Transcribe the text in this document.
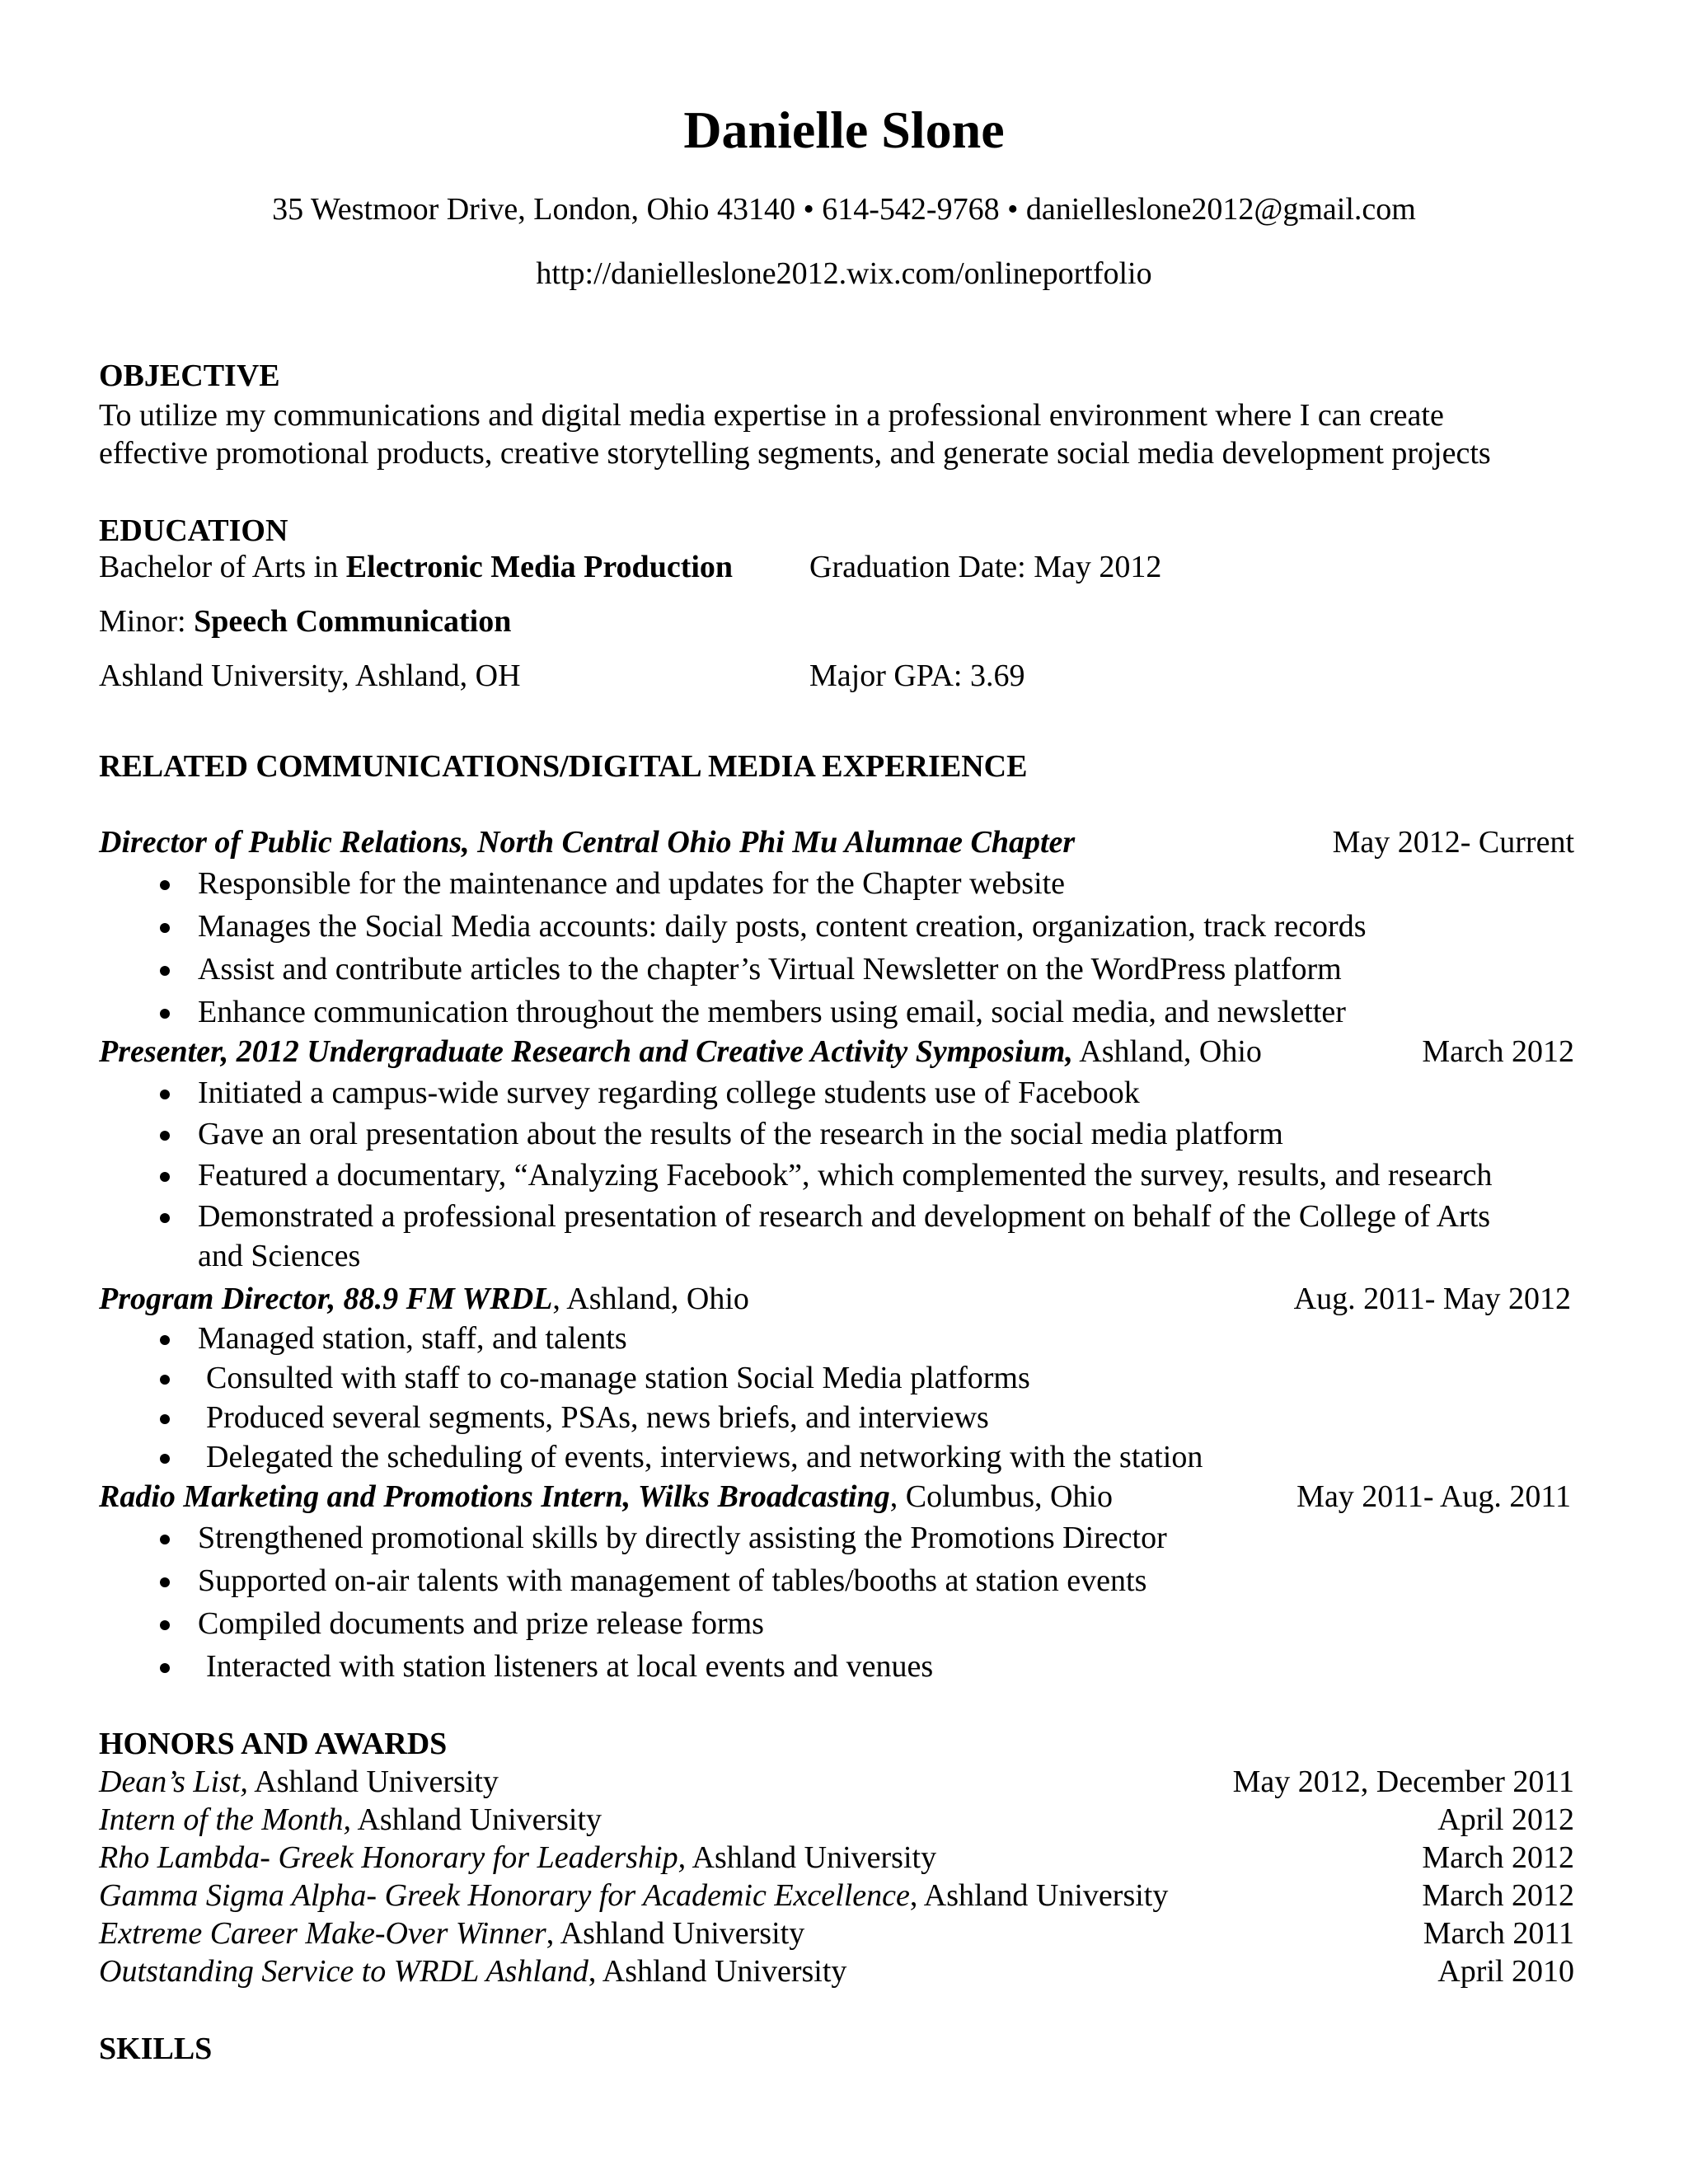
Danielle Slone
35 Westmoor Drive, London, Ohio 43140 • 614-542-9768 • danielleslone2012@gmail.com
http://danielleslone2012.wix.com/onlineportfolio
OBJECTIVE
To utilize my communications and digital media expertise in a professional environment where I can create
effective promotional products, creative storytelling segments, and generate social media development projects
EDUCATION
Bachelor of Arts in Electronic Media Production Graduation Date: May 2012
Minor: Speech Communication
Ashland University, Ashland, OH	Major GPA: 3.69
RELATED COMMUNICATIONS/DIGITAL MEDIA EXPERIENCE
Director of Public Relations, North Central Ohio Phi Mu Alumnae Chapter	May 2012- Current
Responsible for the maintenance and updates for the Chapter website
Manages the Social Media accounts: daily posts, content creation, organization, track records
Assist and contribute articles to the chapter’s Virtual Newsletter on the WordPress platform
Enhance communication throughout the members using email, social media, and newsletter
Presenter, 2012 Undergraduate Research and Creative Activity Symposium, Ashland, Ohio	March 2012
Initiated a campus-wide survey regarding college students use of Facebook
Gave an oral presentation about the results of the research in the social media platform
Featured a documentary, “Analyzing Facebook”, which complemented the survey, results, and research
Demonstrated a professional presentation of research and development on behalf of the College of Arts
and Sciences
Program Director, 88.9 FM WRDL, Ashland, Ohio	Aug. 2011- May 2012
Managed station, staff, and talents
Consulted with staff to co-manage station Social Media platforms
Produced several segments, PSAs, news briefs, and interviews
Delegated the scheduling of events, interviews, and networking with the station
Radio Marketing and Promotions Intern, Wilks Broadcasting, Columbus, Ohio	May 2011- Aug. 2011
Strengthened promotional skills by directly assisting the Promotions Director
Supported on-air talents with management of tables/booths at station events
Compiled documents and prize release forms
Interacted with station listeners at local events and venues
HONORS AND AWARDS
Dean’s List, Ashland University	May 2012, December 2011
Intern of the Month, Ashland University	April 2012
Rho Lambda- Greek Honorary for Leadership, Ashland University	March 2012
Gamma Sigma Alpha- Greek Honorary for Academic Excellence, Ashland University	March 2012
Extreme Career Make-Over Winner, Ashland University	March 2011
Outstanding Service to WRDL Ashland, Ashland University	April 2010
SKILLS
